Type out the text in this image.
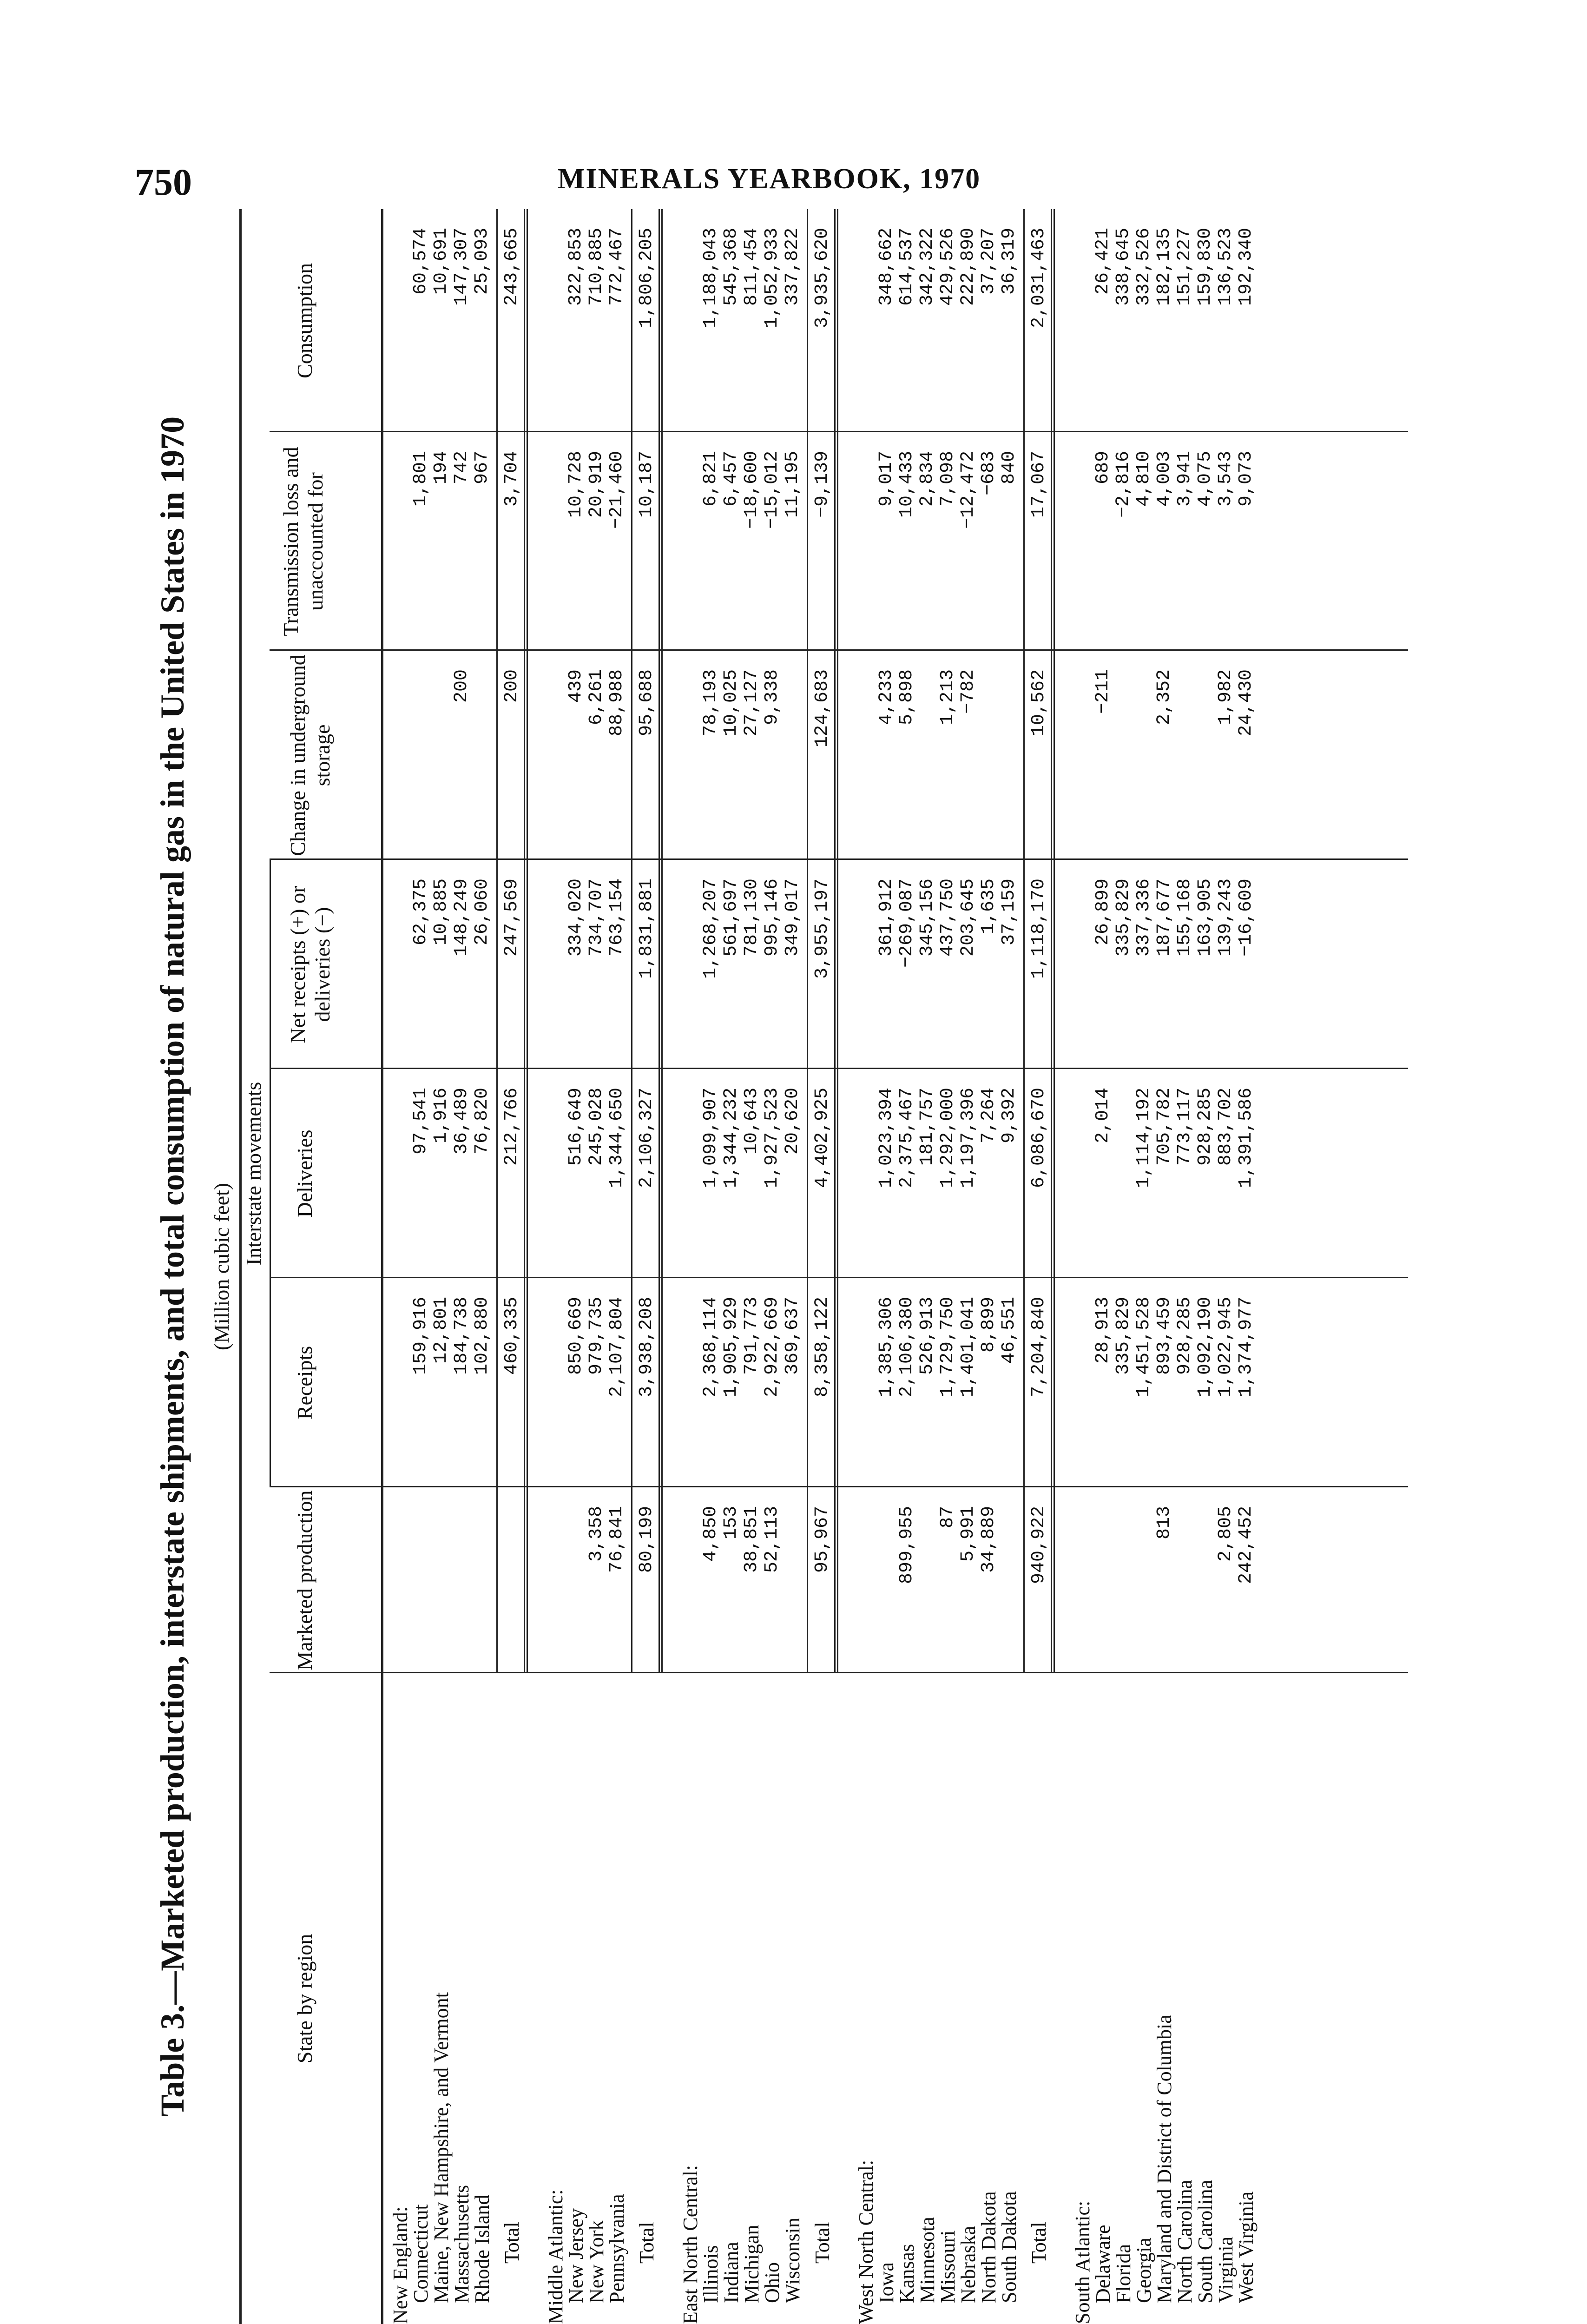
750	MINERALS YEARBOOK, 1970
Table 3.—Marketed production, interstate shipments, and total consumption of natural gas in the United States in 1970 (Million cubic feet)
State by region
Marketed production
Interstate movements
Receipts
Deliveries
Net receipts (+) or deliveries (−)
Change in underground storage
Transmission loss and unaccounted for
Consumption
New England:
Connecticut
159,916
97,541
62,375
1,801
60,574
Maine, New Hampshire, and Vermont
12,801
1,916
10,885
194
10,691
Massachusetts
184,738
36,489
148,249
200
742
147,307
Rhode Island
102,880
76,820
26,060
967
25,093
Total
460,335
212,766
247,569
200
3,704
243,665
Middle Atlantic:
New Jersey
850,669
516,649
334,020
439
10,728
322,853
New York
3,358
979,735
245,028
734,707
6,261
20,919
710,885
Pennsylvania
76,841
2,107,804
1,344,650
763,154
88,988
−21,460
772,467
Total
80,199
3,938,208
2,106,327
1,831,881
95,688
10,187
1,806,205
East North Central:
Illinois
4,850
2,368,114
1,099,907
1,268,207
78,193
6,821
1,188,043
Indiana
153
1,905,929
1,344,232
561,697
10,025
6,457
545,368
Michigan
38,851
791,773
10,643
781,130
27,127
−18,600
811,454
Ohio
52,113
2,922,669
1,927,523
995,146
9,338
−15,012
1,052,933
Wisconsin
369,637
20,620
349,017
11,195
337,822
Total
95,967
8,358,122
4,402,925
3,955,197
124,683
−9,139
3,935,620
West North Central:
Iowa
1,385,306
1,023,394
361,912
4,233
9,017
348,662
Kansas
899,955
2,106,380
2,375,467
−269,087
5,898
10,433
614,537
Minnesota
526,913
181,757
345,156
2,834
342,322
Missouri
87
1,729,750
1,292,000
437,750
1,213
7,098
429,526
Nebraska
5,991
1,401,041
1,197,396
203,645
−782
−12,472
222,890
North Dakota
34,889
8,899
7,264
1,635
−683
37,207
South Dakota
46,551
9,392
37,159
840
36,319
Total
940,922
7,204,840
6,086,670
1,118,170
10,562
17,067
2,031,463
South Atlantic:
Delaware
28,913
2,014
26,899
−211
689
26,421
Florida
335,829
335,829
−2,816
338,645
Georgia
1,451,528
1,114,192
337,336
4,810
332,526
Maryland and District of Columbia
813
893,459
705,782
187,677
2,352
4,003
182,135
North Carolina
928,285
773,117
155,168
3,941
151,227
South Carolina
1,092,190
928,285
163,905
4,075
159,830
Virginia
2,805
1,022,945
883,702
139,243
1,982
3,543
136,523
West Virginia
242,452
1,374,977
1,391,586
−16,609
24,430
9,073
192,340
